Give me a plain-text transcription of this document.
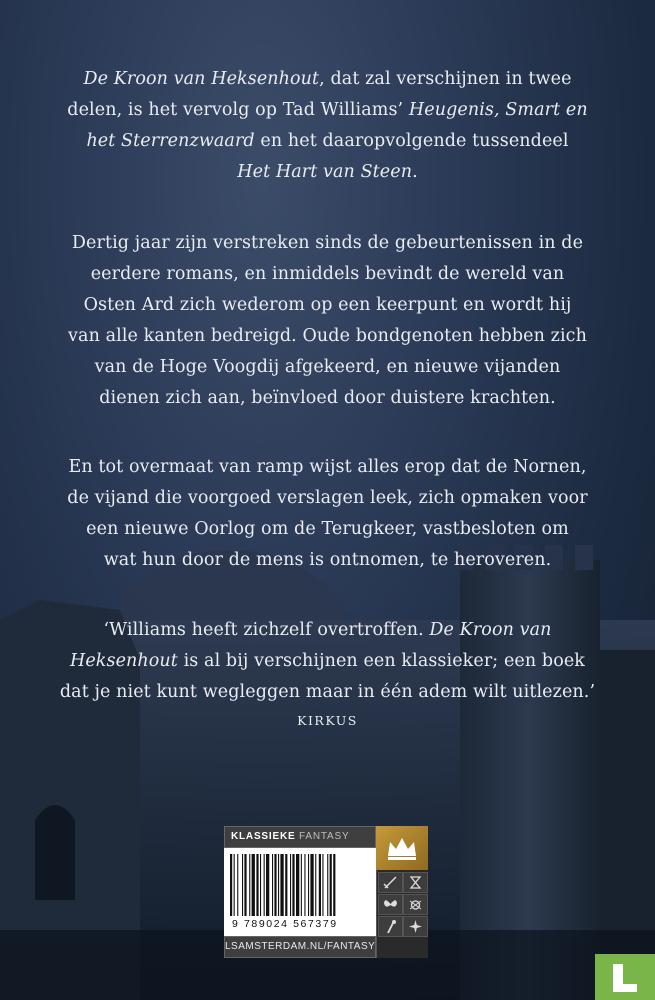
De Kroon van Heksenhout, dat zal verschijnen in twee

delen, is het vervolg op Tad Williams’ Heugenis, Smart en

het Sterrenzwaard en het daaropvolgende tussendeel

Het Hart van Steen.

Dertig jaar zijn verstreken sinds de gebeurtenissen in de

eerdere romans, en inmiddels bevindt de wereld van

Osten Ard zich wederom op een keerpunt en wordt hij

van alle kanten bedreigd. Oude bondgenoten hebben zich

van de Hoge Voogdij afgekeerd, en nieuwe vijanden

dienen zich aan, beïnvloed door duistere krachten.

En tot overmaat van ramp wijst alles erop dat de Nornen,

de vijand die voorgoed verslagen leek, zich opmaken voor

een nieuwe Oorlog om de Terugkeer, vastbesloten om

wat hun door de mens is ontnomen, te heroveren.

‘Williams heeft zichzelf overtroffen. De Kroon van

Heksenhout is al bij verschijnen een klassieker; een boek

dat je niet kunt wegleggen maar in één adem wilt uitlezen.’

KIRKUS
KLASSIEKE FANTASY
9 789024 567379
LSAMSTERDAM.NL/FANTASY
